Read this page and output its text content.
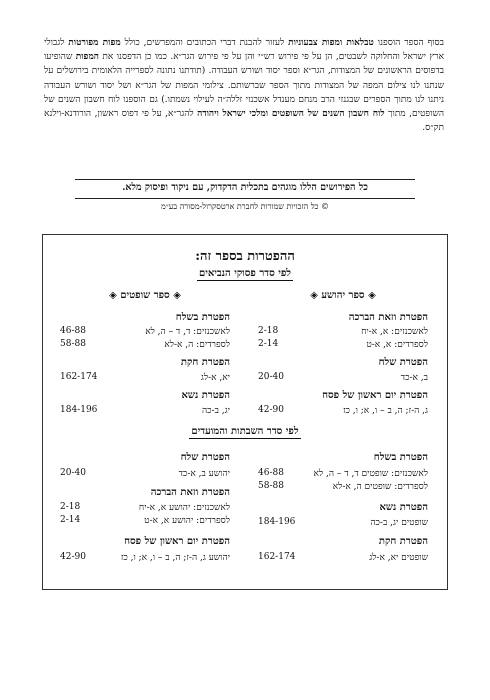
בסוף הספר הוספנו טבלאות ומפות צבעוניות לעזור להבנת דברי הכתובים והמפרשים, כולל מפות מפורטות לגבולי ארץ ישראל והחלוקה לשבטים, הן על פי פירוש רש״י והן על פי פירוש הגר״א. כמו כן הדפסנו את המפות שהופיעו בדפוסים הראשונים של המצודות, הגר״א וספר יסוד ושורש העבודה. (תודתנו נתונה לספרייה הלאומית בירושלים על שנתנו לנו צילום המפה של המצודות מתוך הספר שברשותם. צילומי המפות של הגר״א ושל יסוד ושורש העבודה ניתנו לנו מתוך הספרים שבגנזי הרב מנחם מענדל אשכנזי זללה״ה לעילוי נשמתו.) גם הוספנו לוח חשבון השנים של השופטים, מתוך לוח חשבון השנים של השופטים ומלכי ישראל ויהודה להגר״א, על פי דפוס ראשון, הורודנא-וילנא תק״ס.

כל הפירושים הללו מוגהים בתכלית הדקדוק, עם ניקוד ופיסוק מלא.
© כל הזכויות שמורות לחברת ארטסקרול-מסורה בע״מ
ההפטרות בספר זה:
לפי סדר פסוקי הנביאים
◈ ספר יהושע ◈
הפטרת וזאת הברכה
לאשכנזים: א, א-יח
2-18
לספרדים: א, א-ט
2-14
הפטרת שלח
ב, א-כד
20-40
הפטרת יום ראשון של פסח
ג, ה-ז; ה, ב – ו, א; ו, כז
42-90
◈ ספר שופטים ◈
הפטרת בשלח
לאשכנזים: ד, ד – ה, לא
46-88
לספרדים: ה, א-לא
58-88
הפטרת חקת
יא, א-לג
162-174
הפטרת נשא
יג, ב-כה
184-196
לפי סדר השבתות והמועדים
הפטרת בשלח
לאשכנזים: שופטים ד, ד – ה, לא
46-88
לספרדים: שופטים ה, א-לא
58-88
הפטרת נשא
שופטים יג, ב-כה
184-196
הפטרת חקת
שופטים יא, א-לג
162-174
הפטרת שלח
יהושע ב, א-כד
20-40
הפטרת וזאת הברכה
לאשכנזים: יהושע א, א-יח
2-18
לספרדים: יהושע א, א-ט
2-14
הפטרת יום ראשון של פסח
יהושע ג, ה-ז; ה, ב – ו, א; ו, כז
42-90
